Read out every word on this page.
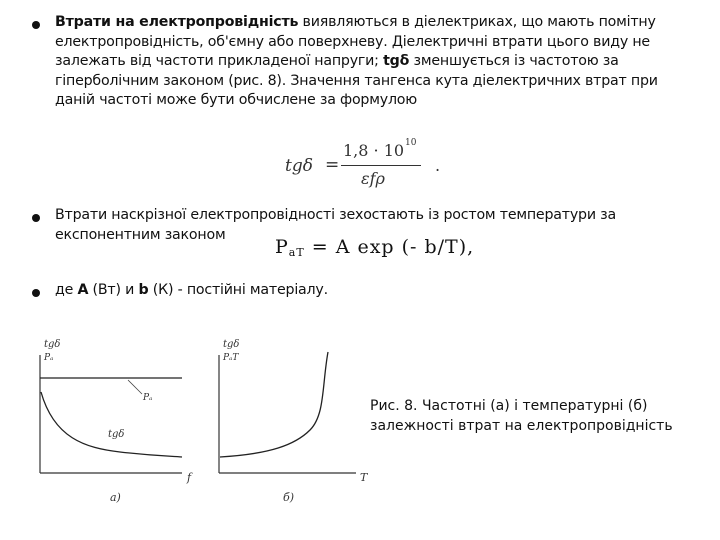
Втрати на електропровідність виявляються в діелектриках, що мають помітну
електропровідність, об'ємну або поверхневу. Діелектричні втрати цього виду не
залежать від частоти прикладеної напруги; tgδ зменшується із частотою за
гіперболічним законом (рис. 8). Значення тангенса кута діелектричних втрат при
даній частоті може бути обчислене за формулою
tgδ =
1,8 · 10 10
εfρ
.
Втрати наскрізної електропровідності зехостають із ростом температури за
експонентним законом
$P_{aT} = A$ exp (- b/T),
де А (Вт) и b (К) - постійні матеріалу.
tgδ
Pₐ
Pₐ
tgδ
f
а)
tgδ
PₐT
T
б)
Рис. 8. Частотні (а) і температурні (б)
залежності втрат на електропровідність
